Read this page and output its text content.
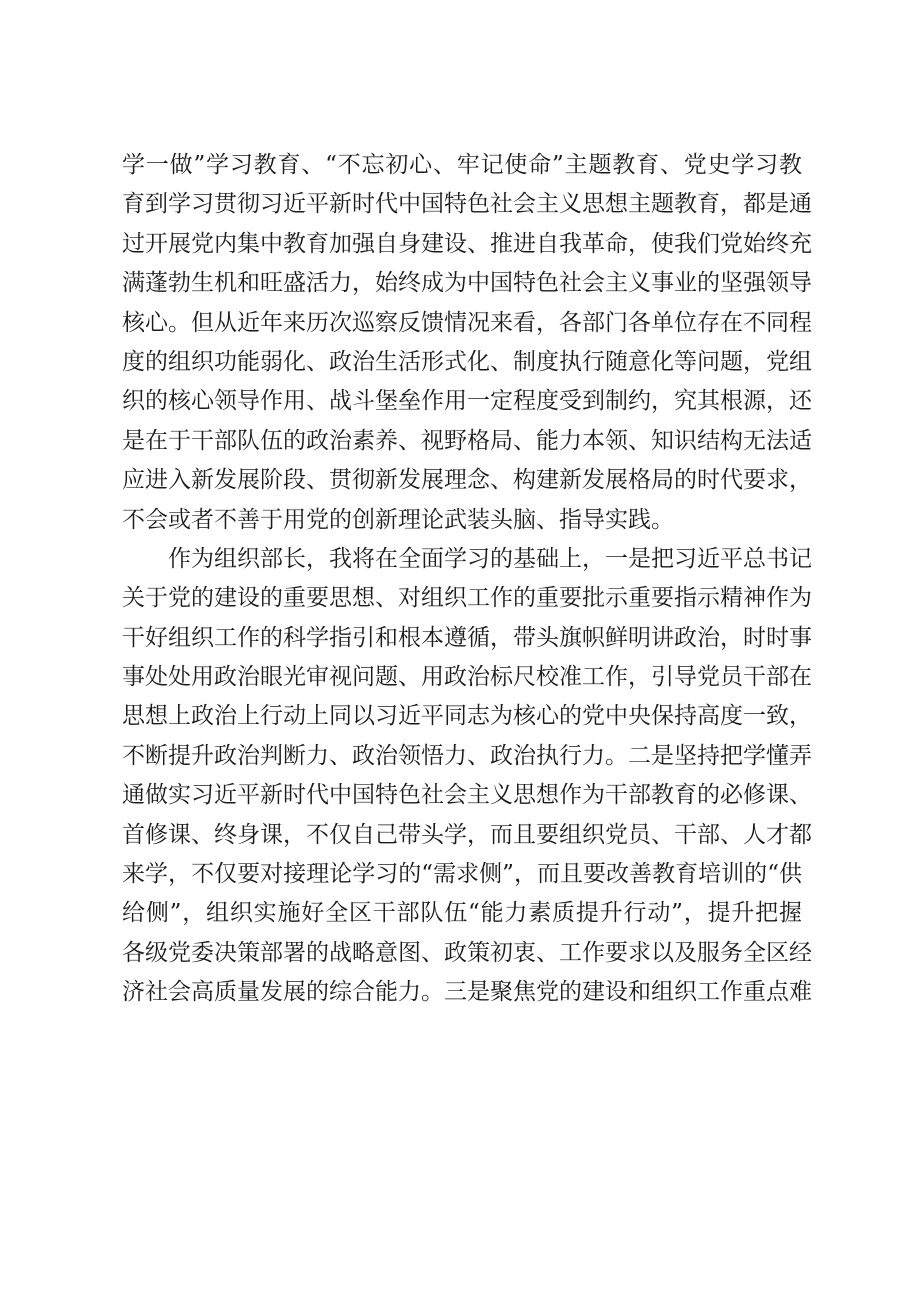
学一做”学习教育、“不忘初心、牢记使命”主题教育、党史学习教
育到学习贯彻习近平新时代中国特色社会主义思想主题教育，都是通
过开展党内集中教育加强自身建设、推进自我革命，使我们党始终充
满蓬勃生机和旺盛活力，始终成为中国特色社会主义事业的坚强领导
核心。但从近年来历次巡察反馈情况来看，各部门各单位存在不同程
度的组织功能弱化、政治生活形式化、制度执行随意化等问题，党组
织的核心领导作用、战斗堡垒作用一定程度受到制约，究其根源，还
是在于干部队伍的政治素养、视野格局、能力本领、知识结构无法适
应进入新发展阶段、贯彻新发展理念、构建新发展格局的时代要求，
不会或者不善于用党的创新理论武装头脑、指导实践。
作为组织部长，我将在全面学习的基础上，一是把习近平总书记
关于党的建设的重要思想、对组织工作的重要批示重要指示精神作为
干好组织工作的科学指引和根本遵循，带头旗帜鲜明讲政治，时时事
事处处用政治眼光审视问题、用政治标尺校准工作，引导党员干部在
思想上政治上行动上同以习近平同志为核心的党中央保持高度一致，
不断提升政治判断力、政治领悟力、政治执行力。二是坚持把学懂弄
通做实习近平新时代中国特色社会主义思想作为干部教育的必修课、
首修课、终身课，不仅自己带头学，而且要组织党员、干部、人才都
来学，不仅要对接理论学习的“需求侧”，而且要改善教育培训的“供
给侧”，组织实施好全区干部队伍“能力素质提升行动”，提升把握
各级党委决策部署的战略意图、政策初衷、工作要求以及服务全区经
济社会高质量发展的综合能力。三是聚焦党的建设和组织工作重点难
